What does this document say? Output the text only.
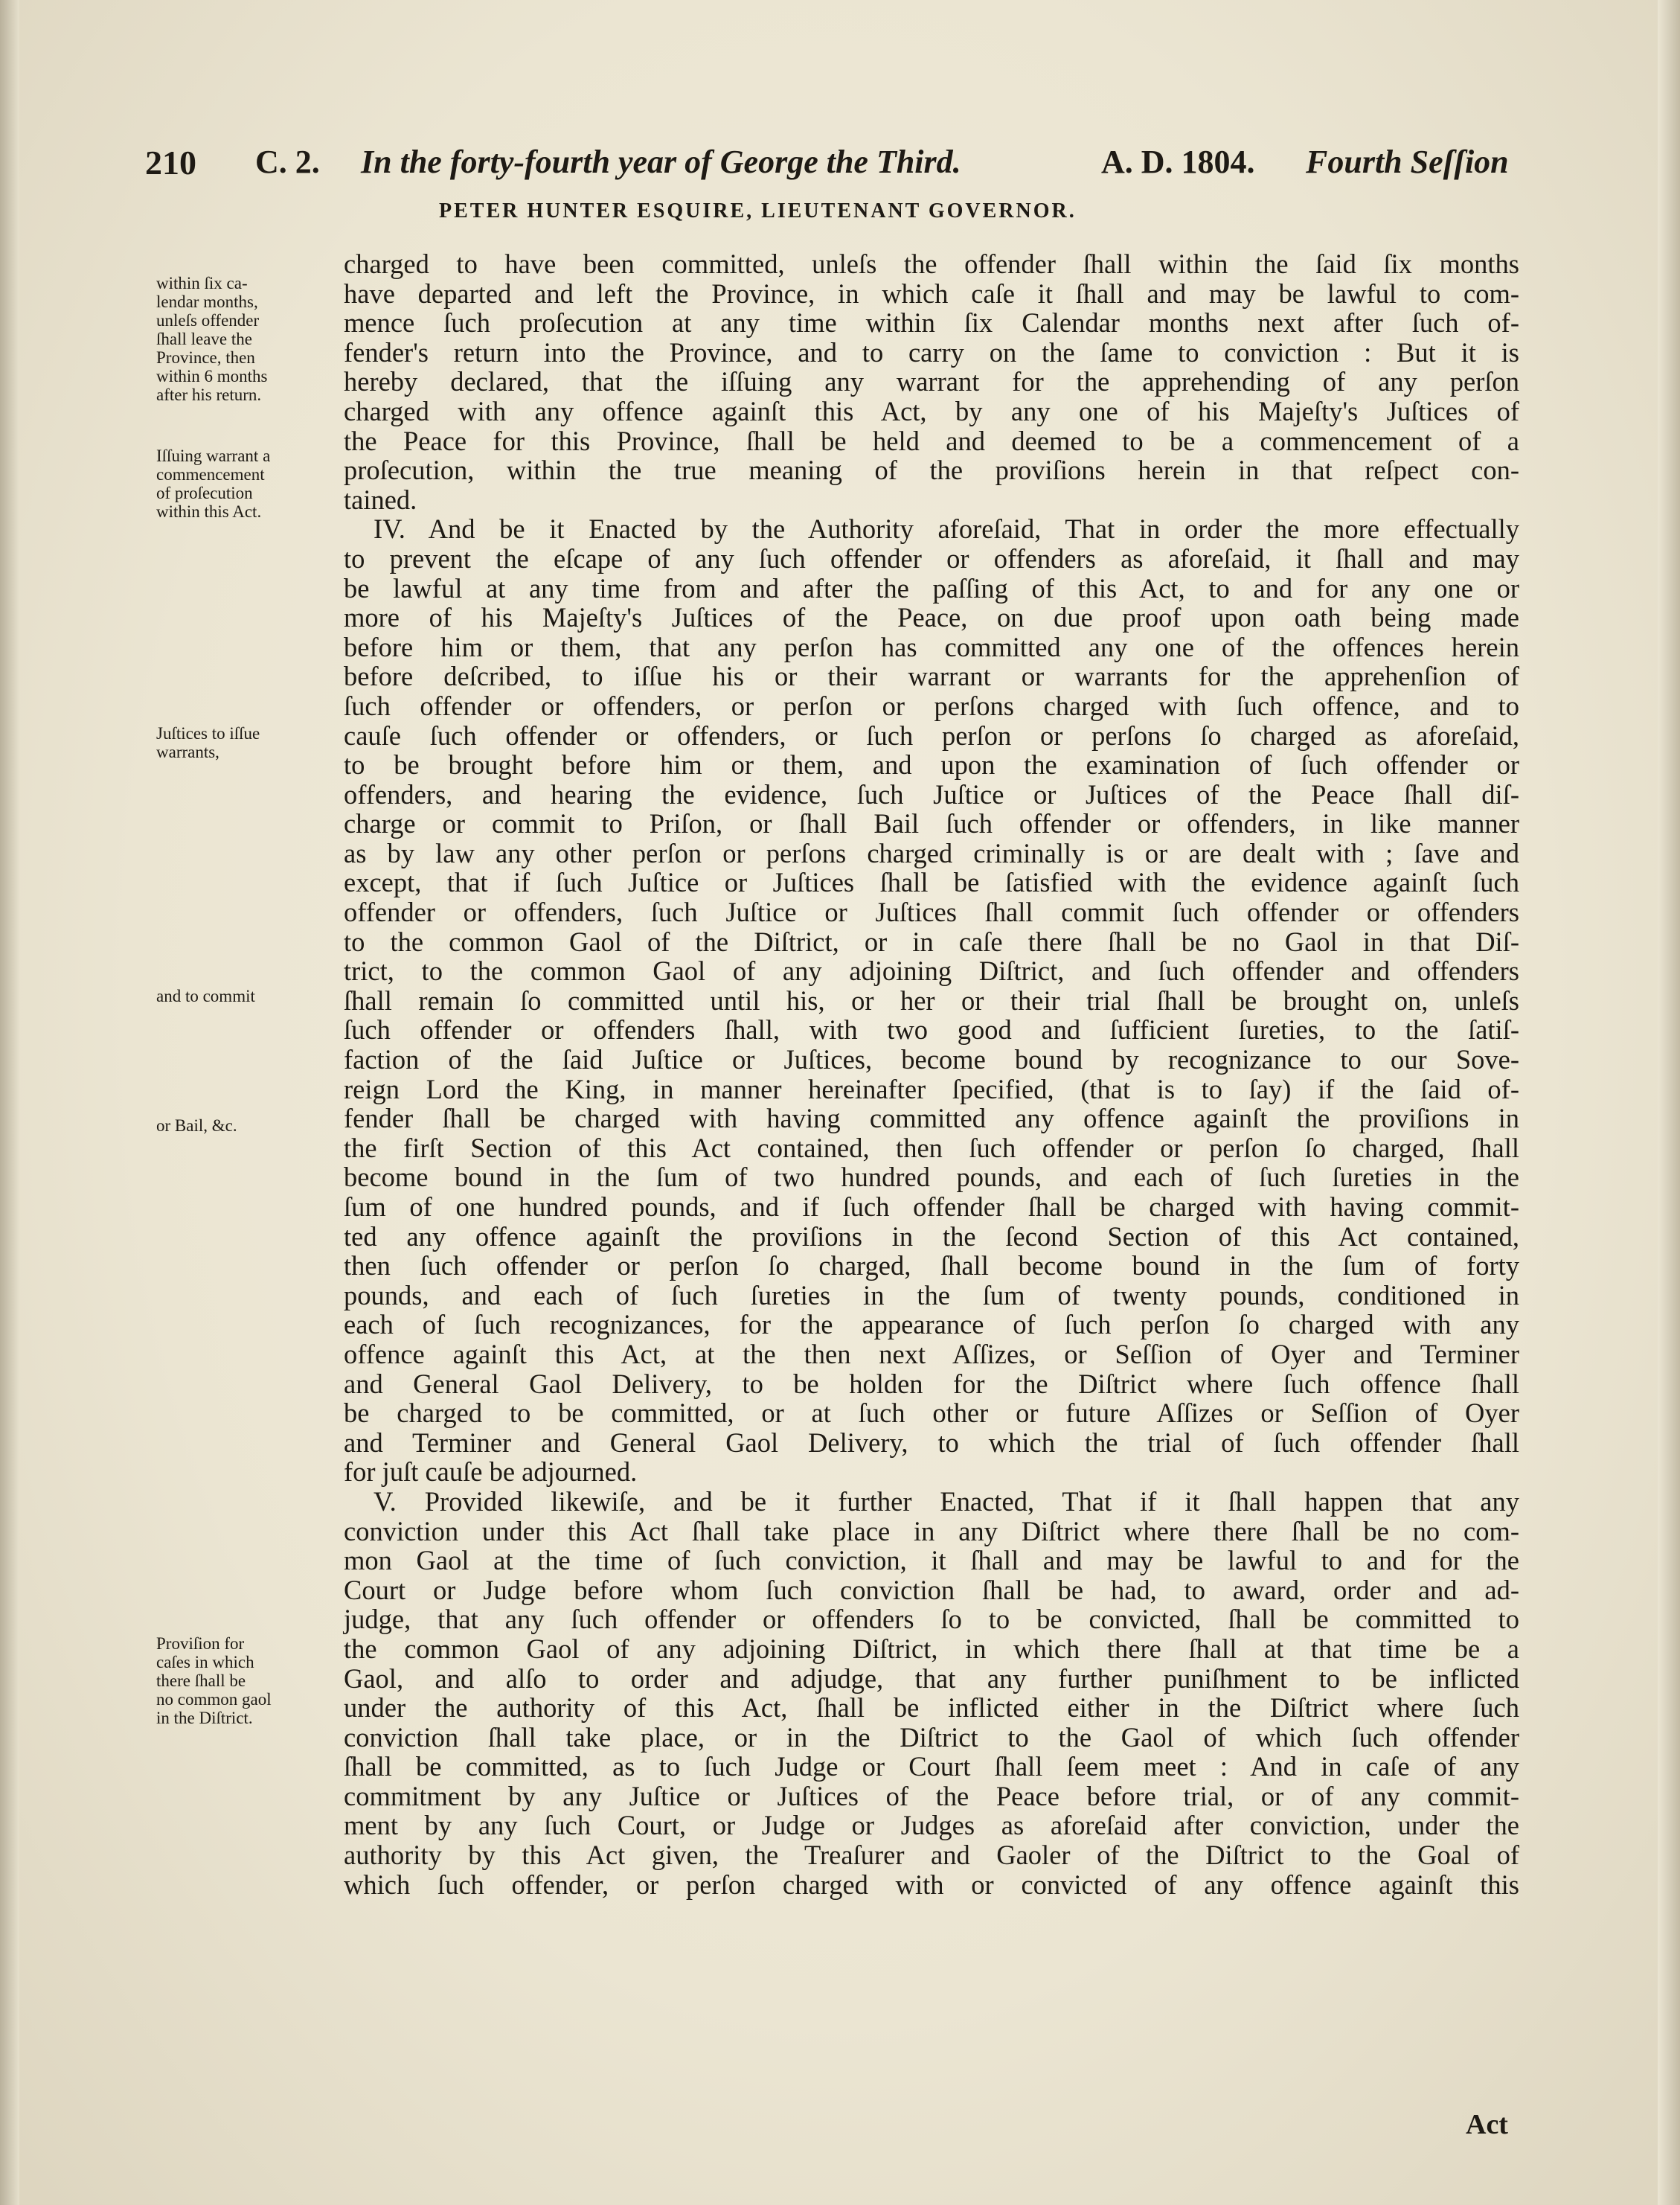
210 C. 2. In the forty-fourth year of George the Third.	A. D. 1804. Fourth Seſſion
PETER HUNTER ESQUIRE, LIEUTENANT GOVERNOR.
within ſix ca-
lendar months,
unleſs offender
ſhall leave the
Province, then
within 6 months
after his return.
Iſſuing warrant a
commencement
of proſecution
within this Act.
Juſtices to iſſue
warrants,
and to commit
or Bail, &c.
Proviſion for
caſes in which
there ſhall be
no common gaol
in the Diſtrict.
charged to have been committed, unleſs the offender ſhall within the ſaid ſix months
have departed and left the Province, in which caſe it ſhall and may be lawful to com-
mence ſuch proſecution at any time within ſix Calendar months next after ſuch of-
fender's return into the Province, and to carry on the ſame to conviction : But it is
hereby declared, that the iſſuing any warrant for the apprehending of any perſon
charged with any offence againſt this Act, by any one of his Majeſty's Juſtices of
the Peace for this Province, ſhall be held and deemed to be a commencement of a
proſecution, within the true meaning of the proviſions herein in that reſpect con-
tained.
IV. And be it Enacted by the Authority aforeſaid, That in order the more effectually
to prevent the eſcape of any ſuch offender or offenders as aforeſaid, it ſhall and may
be lawful at any time from and after the paſſing of this Act, to and for any one or
more of his Majeſty's Juſtices of the Peace, on due proof upon oath being made
before him or them, that any perſon has committed any one of the offences herein
before deſcribed, to iſſue his or their warrant or warrants for the apprehenſion of
ſuch offender or offenders, or perſon or perſons charged with ſuch offence, and to
cauſe ſuch offender or offenders, or ſuch perſon or perſons ſo charged as aforeſaid,
to be brought before him or them, and upon the examination of ſuch offender or
offenders, and hearing the evidence, ſuch Juſtice or Juſtices of the Peace ſhall diſ-
charge or commit to Priſon, or ſhall Bail ſuch offender or offenders, in like manner
as by law any other perſon or perſons charged criminally is or are dealt with ; ſave and
except, that if ſuch Juſtice or Juſtices ſhall be ſatisfied with the evidence againſt ſuch
offender or offenders, ſuch Juſtice or Juſtices ſhall commit ſuch offender or offenders
to the common Gaol of the Diſtrict, or in caſe there ſhall be no Gaol in that Diſ-
trict, to the common Gaol of any adjoining Diſtrict, and ſuch offender and offenders
ſhall remain ſo committed until his, or her or their trial ſhall be brought on, unleſs
ſuch offender or offenders ſhall, with two good and ſufficient ſureties, to the ſatiſ-
faction of the ſaid Juſtice or Juſtices, become bound by recognizance to our Sove-
reign Lord the King, in manner hereinafter ſpecified, (that is to ſay) if the ſaid of-
fender ſhall be charged with having committed any offence againſt the proviſions in
the firſt Section of this Act contained, then ſuch offender or perſon ſo charged, ſhall
become bound in the ſum of two hundred pounds, and each of ſuch ſureties in the
ſum of one hundred pounds, and if ſuch offender ſhall be charged with having commit-
ted any offence againſt the proviſions in the ſecond Section of this Act contained,
then ſuch offender or perſon ſo charged, ſhall become bound in the ſum of forty
pounds, and each of ſuch ſureties in the ſum of twenty pounds, conditioned in
each of ſuch recognizances, for the appearance of ſuch perſon ſo charged with any
offence againſt this Act, at the then next Aſſizes, or Seſſion of Oyer and Terminer
and General Gaol Delivery, to be holden for the Diſtrict where ſuch offence ſhall
be charged to be committed, or at ſuch other or future Aſſizes or Seſſion of Oyer
and Terminer and General Gaol Delivery, to which the trial of ſuch offender ſhall
for juſt cauſe be adjourned.
V. Provided likewiſe, and be it further Enacted, That if it ſhall happen that any
conviction under this Act ſhall take place in any Diſtrict where there ſhall be no com-
mon Gaol at the time of ſuch conviction, it ſhall and may be lawful to and for the
Court or Judge before whom ſuch conviction ſhall be had, to award, order and ad-
judge, that any ſuch offender or offenders ſo to be convicted, ſhall be committed to
the common Gaol of any adjoining Diſtrict, in which there ſhall at that time be a
Gaol, and alſo to order and adjudge, that any further puniſhment to be inflicted
under the authority of this Act, ſhall be inflicted either in the Diſtrict where ſuch
conviction ſhall take place, or in the Diſtrict to the Gaol of which ſuch offender
ſhall be committed, as to ſuch Judge or Court ſhall ſeem meet : And in caſe of any
commitment by any Juſtice or Juſtices of the Peace before trial, or of any commit-
ment by any ſuch Court, or Judge or Judges as aforeſaid after conviction, under the
authority by this Act given, the Treaſurer and Gaoler of the Diſtrict to the Goal of
which ſuch offender, or perſon charged with or convicted of any offence againſt this
Act
